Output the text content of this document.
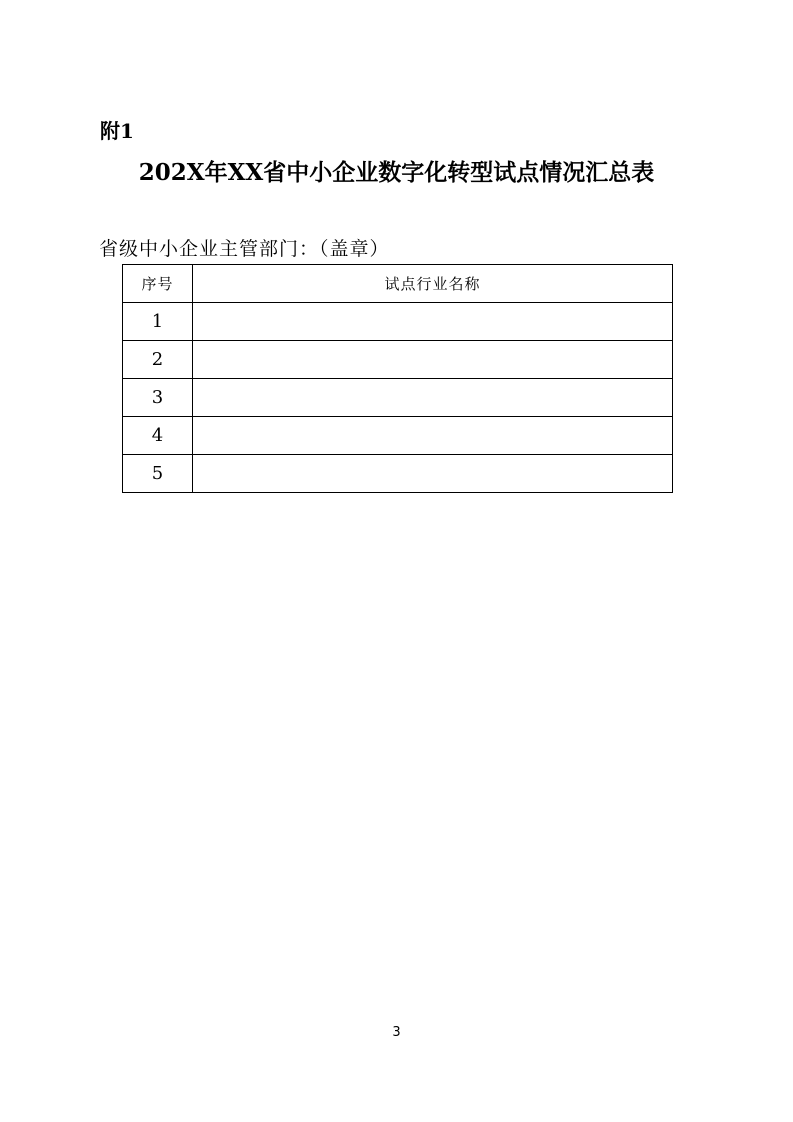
附1
202X年XX省中小企业数字化转型试点情况汇总表
省级中小企业主管部门：（盖章）
序号	试点行业名称
1	
2	
3	
4	
5	
3
